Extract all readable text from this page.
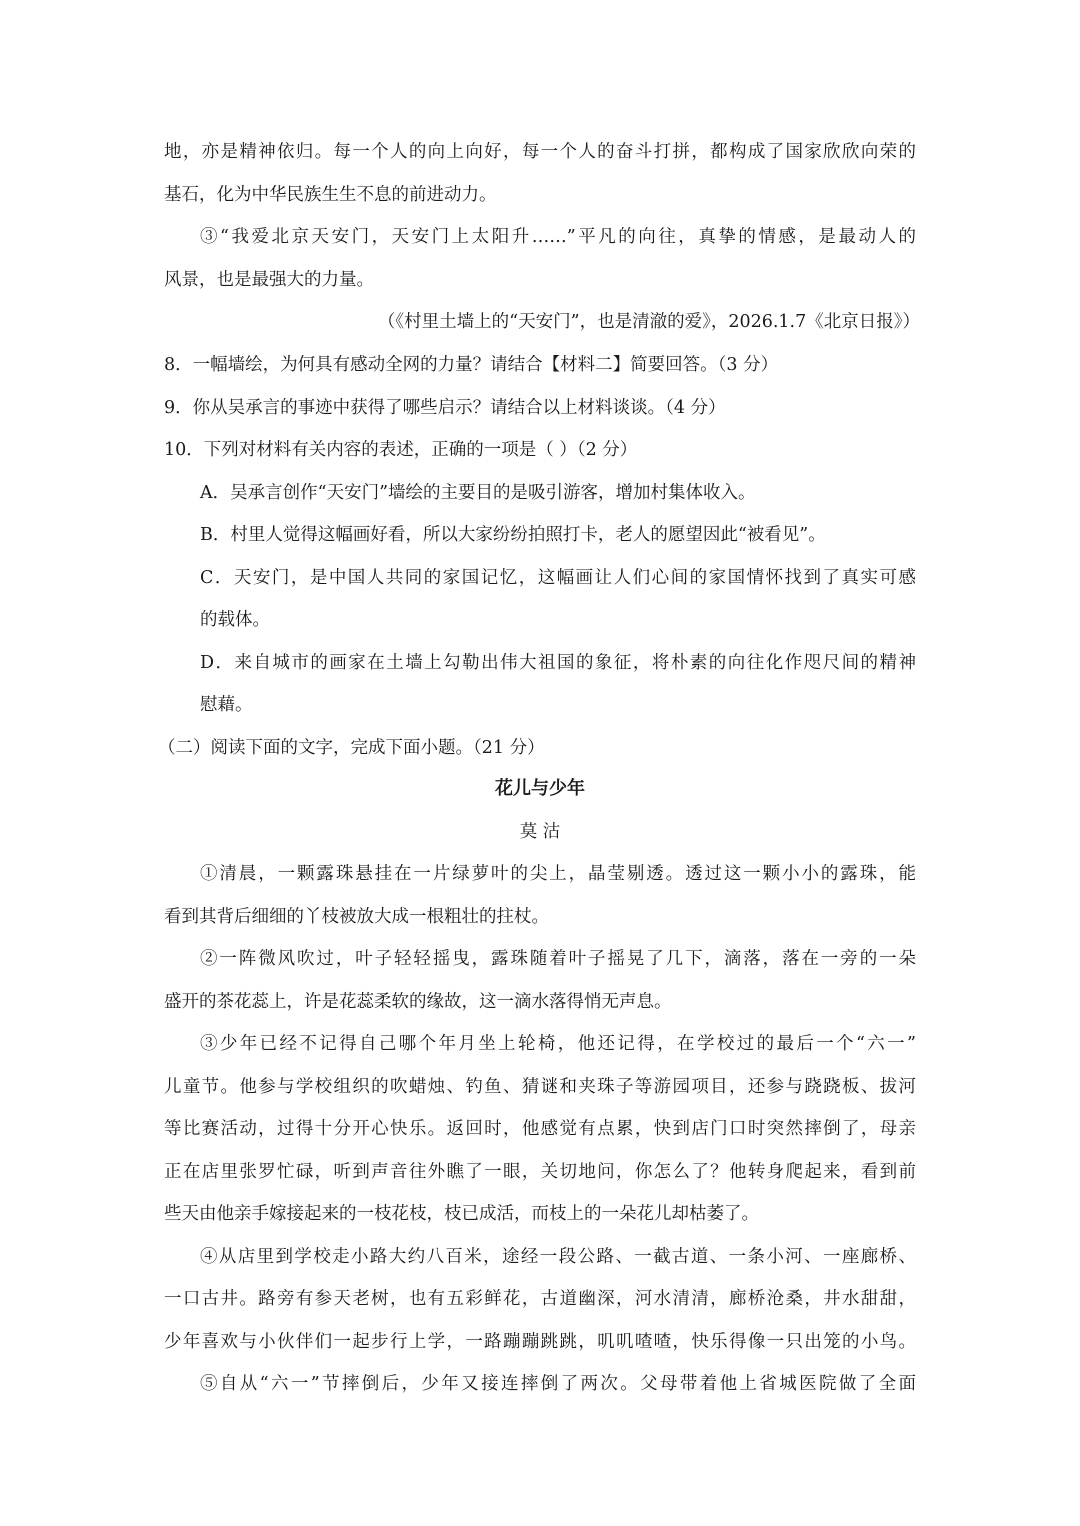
地，亦是精神依归。每一个人的向上向好，每一个人的奋斗打拼，都构成了国家欣欣向荣的
基石，化为中华民族生生不息的前进动力。
③“我爱北京天安门，天安门上太阳升……”平凡的向往，真挚的情感，是最动人的
风景，也是最强大的力量。
（《村里土墙上的“天安门”，也是清澈的爱》，2026.1.7《北京日报》）
8．一幅墙绘，为何具有感动全网的力量？请结合【材料二】简要回答。（3 分）
9．你从吴承言的事迹中获得了哪些启示？请结合以上材料谈谈。（4 分）
10．下列对材料有关内容的表述，正确的一项是（ ）（2 分）
A．吴承言创作“天安门”墙绘的主要目的是吸引游客，增加村集体收入。
B．村里人觉得这幅画好看，所以大家纷纷拍照打卡，老人的愿望因此“被看见”。
C．天安门，是中国人共同的家国记忆，这幅画让人们心间的家国情怀找到了真实可感
的载体。
D．来自城市的画家在土墙上勾勒出伟大祖国的象征，将朴素的向往化作咫尺间的精神
慰藉。
（二）阅读下面的文字，完成下面小题。（21 分）
花儿与少年
莫 沽
①清晨，一颗露珠悬挂在一片绿萝叶的尖上，晶莹剔透。透过这一颗小小的露珠，能
看到其背后细细的丫枝被放大成一根粗壮的拄杖。
②一阵微风吹过，叶子轻轻摇曳，露珠随着叶子摇晃了几下，滴落，落在一旁的一朵
盛开的茶花蕊上，许是花蕊柔软的缘故，这一滴水落得悄无声息。
③少年已经不记得自己哪个年月坐上轮椅，他还记得，在学校过的最后一个“六一”
儿童节。他参与学校组织的吹蜡烛、钓鱼、猜谜和夹珠子等游园项目，还参与跷跷板、拔河
等比赛活动，过得十分开心快乐。返回时，他感觉有点累，快到店门口时突然摔倒了，母亲
正在店里张罗忙碌，听到声音往外瞧了一眼，关切地问，你怎么了？他转身爬起来，看到前
些天由他亲手嫁接起来的一枝花枝，枝已成活，而枝上的一朵花儿却枯萎了。
④从店里到学校走小路大约八百米，途经一段公路、一截古道、一条小河、一座廊桥、
一口古井。路旁有参天老树，也有五彩鲜花，古道幽深，河水清清，廊桥沧桑，井水甜甜，
少年喜欢与小伙伴们一起步行上学，一路蹦蹦跳跳，叽叽喳喳，快乐得像一只出笼的小鸟。
⑤自从“六一”节摔倒后，少年又接连摔倒了两次。父母带着他上省城医院做了全面
